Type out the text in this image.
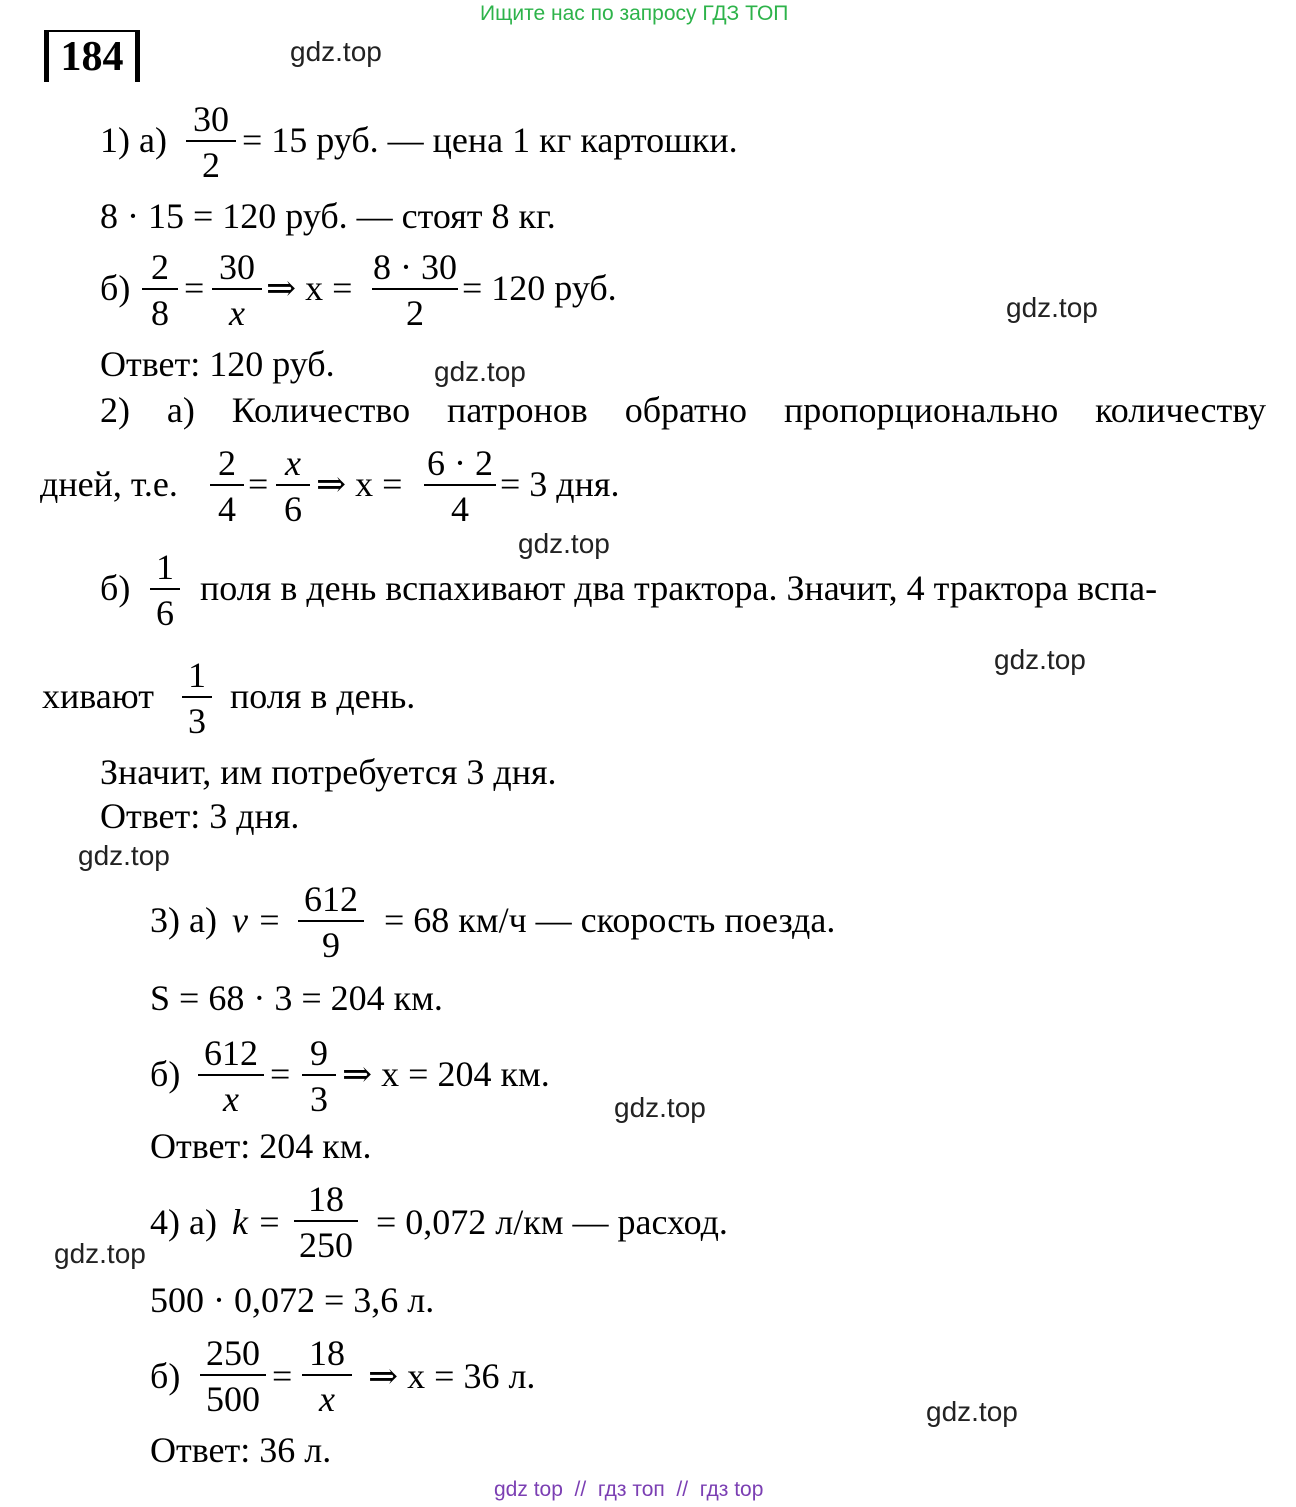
Ищите нас по запросу ГДЗ ТОП
184	gdz.top
gdz.top
gdz.top
gdz.top
gdz.top
gdz.top
gdz.top
gdz.top
gdz.top
1) а)
30
2
= 15 руб. — цена 1 кг картошки.
8 · 15 = 120 руб. — стоят 8 кг.
б)
2
8
=
30
x
⇒ x =
8 · 30
2
= 120 руб.
Ответ: 120 руб.
2) а) Количество патронов обратно пропорционально количеству
дней, т.е.
2
4
=
x
6
⇒ x =
6 · 2
4
= 3 дня.
б)
1
6
поля в день вспахивают два трактора. Значит, 4 трактора вспа-
хивают
1
3
поля в день.
Значит, им потребуется 3 дня.
Ответ: 3 дня.
3) а) v =
612
9
= 68 км/ч — скорость поезда.
S = 68 · 3 = 204 км.
б)
612
x
=
9
3
⇒ x = 204 км.
Ответ: 204 км.
4) а) k =
18
250
= 0,072 л/км — расход.
500 · 0,072 = 3,6 л.
б)
250
500
=
18
x
⇒ x = 36 л.
Ответ: 36 л.
gdz top  //  гдз топ  //  гдз top
